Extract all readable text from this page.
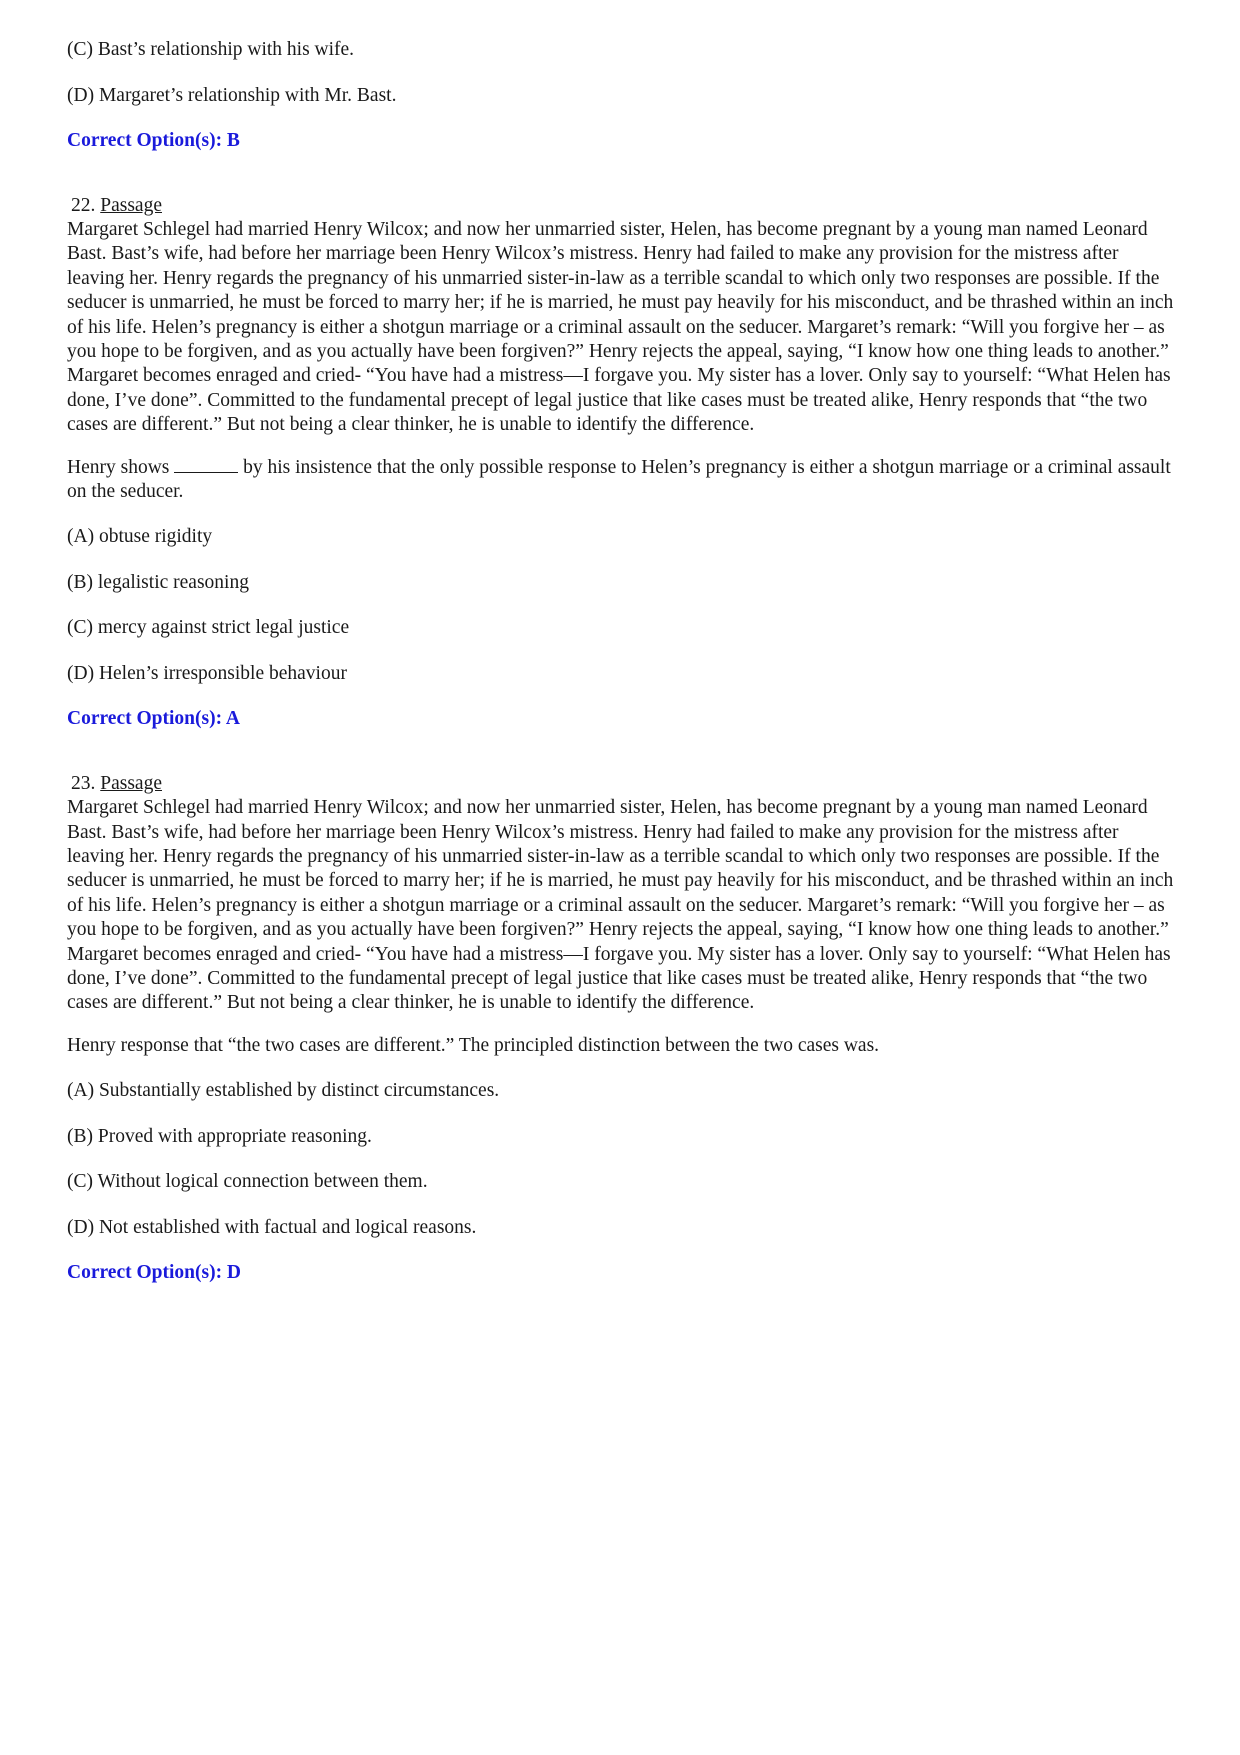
(C) Bast’s relationship with his wife.

(D) Margaret’s relationship with Mr. Bast.

Correct Option(s): B

22. Passage

Margaret Schlegel had married Henry Wilcox; and now her unmarried sister, Helen, has become pregnant by a young man named Leonard Bast. Bast’s wife, had before her marriage been Henry Wilcox’s mistress. Henry had failed to make any provision for the mistress after leaving her. Henry regards the pregnancy of his unmarried sister-in-law as a terrible scandal to which only two responses are possible. If the seducer is unmarried, he must be forced to marry her; if he is married, he must pay heavily for his misconduct, and be thrashed within an inch of his life. Helen’s pregnancy is either a shotgun marriage or a criminal assault on the seducer. Margaret’s remark: “Will you forgive her – as you hope to be forgiven, and as you actually have been forgiven?” Henry rejects the appeal, saying, “I know how one thing leads to another.” Margaret becomes enraged and cried- “You have had a mistress—I forgave you. My sister has a lover. Only say to yourself: “What Helen has done, I’ve done”. Committed to the fundamental precept of legal justice that like cases must be treated alike, Henry responds that “the two cases are different.” But not being a clear thinker, he is unable to identify the difference.

Henry shows	by his insistence that the only possible response to Helen’s pregnancy is either a shotgun marriage or a criminal assault on the seducer.

(A) obtuse rigidity

(B) legalistic reasoning

(C) mercy against strict legal justice

(D) Helen’s irresponsible behaviour

Correct Option(s): A

23. Passage

Margaret Schlegel had married Henry Wilcox; and now her unmarried sister, Helen, has become pregnant by a young man named Leonard Bast. Bast’s wife, had before her marriage been Henry Wilcox’s mistress. Henry had failed to make any provision for the mistress after leaving her. Henry regards the pregnancy of his unmarried sister-in-law as a terrible scandal to which only two responses are possible. If the seducer is unmarried, he must be forced to marry her; if he is married, he must pay heavily for his misconduct, and be thrashed within an inch of his life. Helen’s pregnancy is either a shotgun marriage or a criminal assault on the seducer. Margaret’s remark: “Will you forgive her – as you hope to be forgiven, and as you actually have been forgiven?” Henry rejects the appeal, saying, “I know how one thing leads to another.” Margaret becomes enraged and cried- “You have had a mistress—I forgave you. My sister has a lover. Only say to yourself: “What Helen has done, I’ve done”. Committed to the fundamental precept of legal justice that like cases must be treated alike, Henry responds that “the two cases are different.” But not being a clear thinker, he is unable to identify the difference.

Henry response that “the two cases are different.” The principled distinction between the two cases was.

(A) Substantially established by distinct circumstances.

(B) Proved with appropriate reasoning.

(C) Without logical connection between them.

(D) Not established with factual and logical reasons.

Correct Option(s): D
